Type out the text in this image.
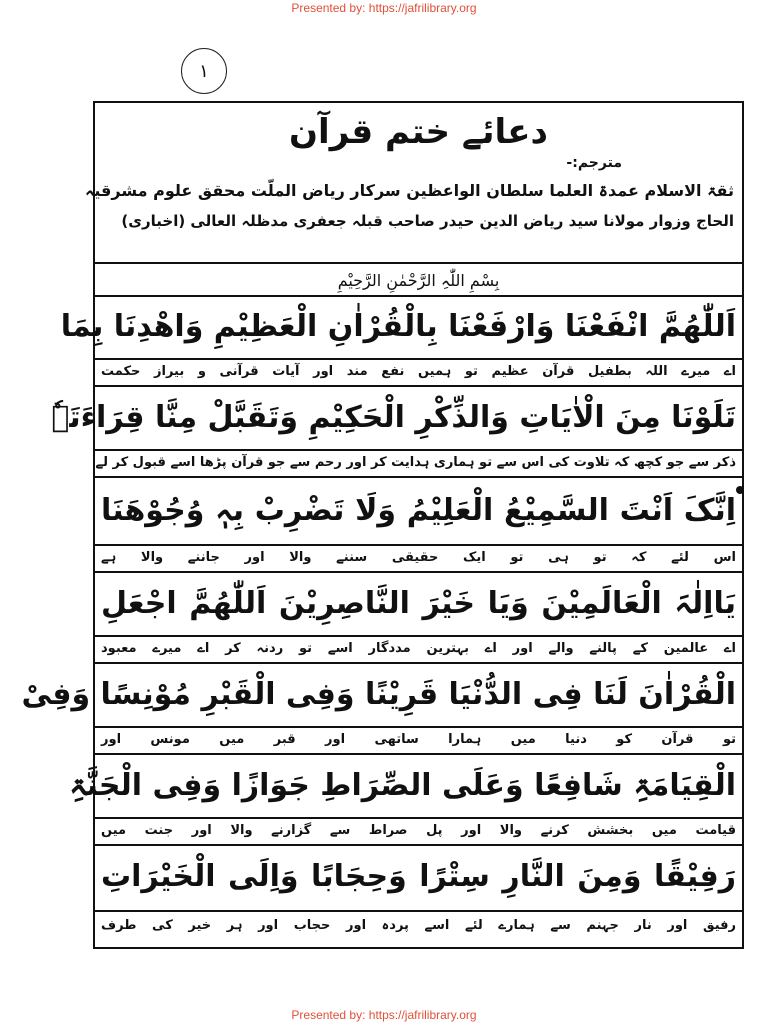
Presented by: https://jafrilibrary.org
١
دعائے ختم قرآن
مترجم:-
ثقۃ الاسلام عمدۃ العلما سلطان الواعظین سرکار ریاض الملّت محقق علوم مشرقیہ
الحاج وزوار مولانا سید ریاض الدین حیدر صاحب قبلہ جعفری مدظلہ العالی (اخباری)
بِسْمِ اللّٰہِ الرَّحْمٰنِ الرَّحِیْمِ
اَللّٰھُمَّ انْفَعْنَا وَارْفَعْنَا بِالْقُرْاٰنِ الْعَظِیْمِ وَاهْدِنَا بِمَا
اے میرے اللہ بطفیل قرآن عظیم تو ہمیں نفع مند اور آیات قرآنی و بیراز حکمت
تَلَوْنَا مِنَ الْاٰیَاتِ وَالذِّکْرِ الْحَکِیْمِ وَتَقَبَّلْ مِنَّا قِرَاءَتَہٗ
ذکر سے جو کچھ کہ تلاوت کی اس سے تو ہماری ہدایت کر اور رحم سے جو قرآن پڑھا اسے قبول کر لے
اِنَّکَ اَنْتَ السَّمِیْعُ الْعَلِیْمُ وَلَا تَضْرِبْ بِہٖ وُجُوْھَنَا
اس لئے کہ تو ہی تو ایک حقیقی سننے والا اور جاننے والا ہے
یَااِلٰہَ الْعَالَمِیْنَ وَیَا خَیْرَ النَّاصِرِیْنَ اَللّٰھُمَّ اجْعَلِ
اے عالمین کے پالنے والے اور اے بہترین مددگار اسے تو ردنہ کر اے میرے معبود
الْقُرْاٰنَ لَنَا فِی الدُّنْیَا قَرِیْنًا وَفِی الْقَبْرِ مُوْنِسًا وَفِیْ
تو قرآن کو دنیا میں ہمارا ساتھی اور قبر میں مونس اور
الْقِیَامَۃِ شَافِعًا وَعَلَی الصِّرَاطِ جَوَازًا وَفِی الْجَنَّۃِ
قیامت میں بخشش کرنے والا اور پل صراط سے گزارنے والا اور جنت میں
رَفِیْقًا وَمِنَ النَّارِ سِتْرًا وَحِجَابًا وَاِلَی الْخَیْرَاتِ
رفیق اور نار جہنم سے ہمارے لئے اسے پردہ اور حجاب اور ہر خیر کی طرف
Presented by: https://jafrilibrary.org
